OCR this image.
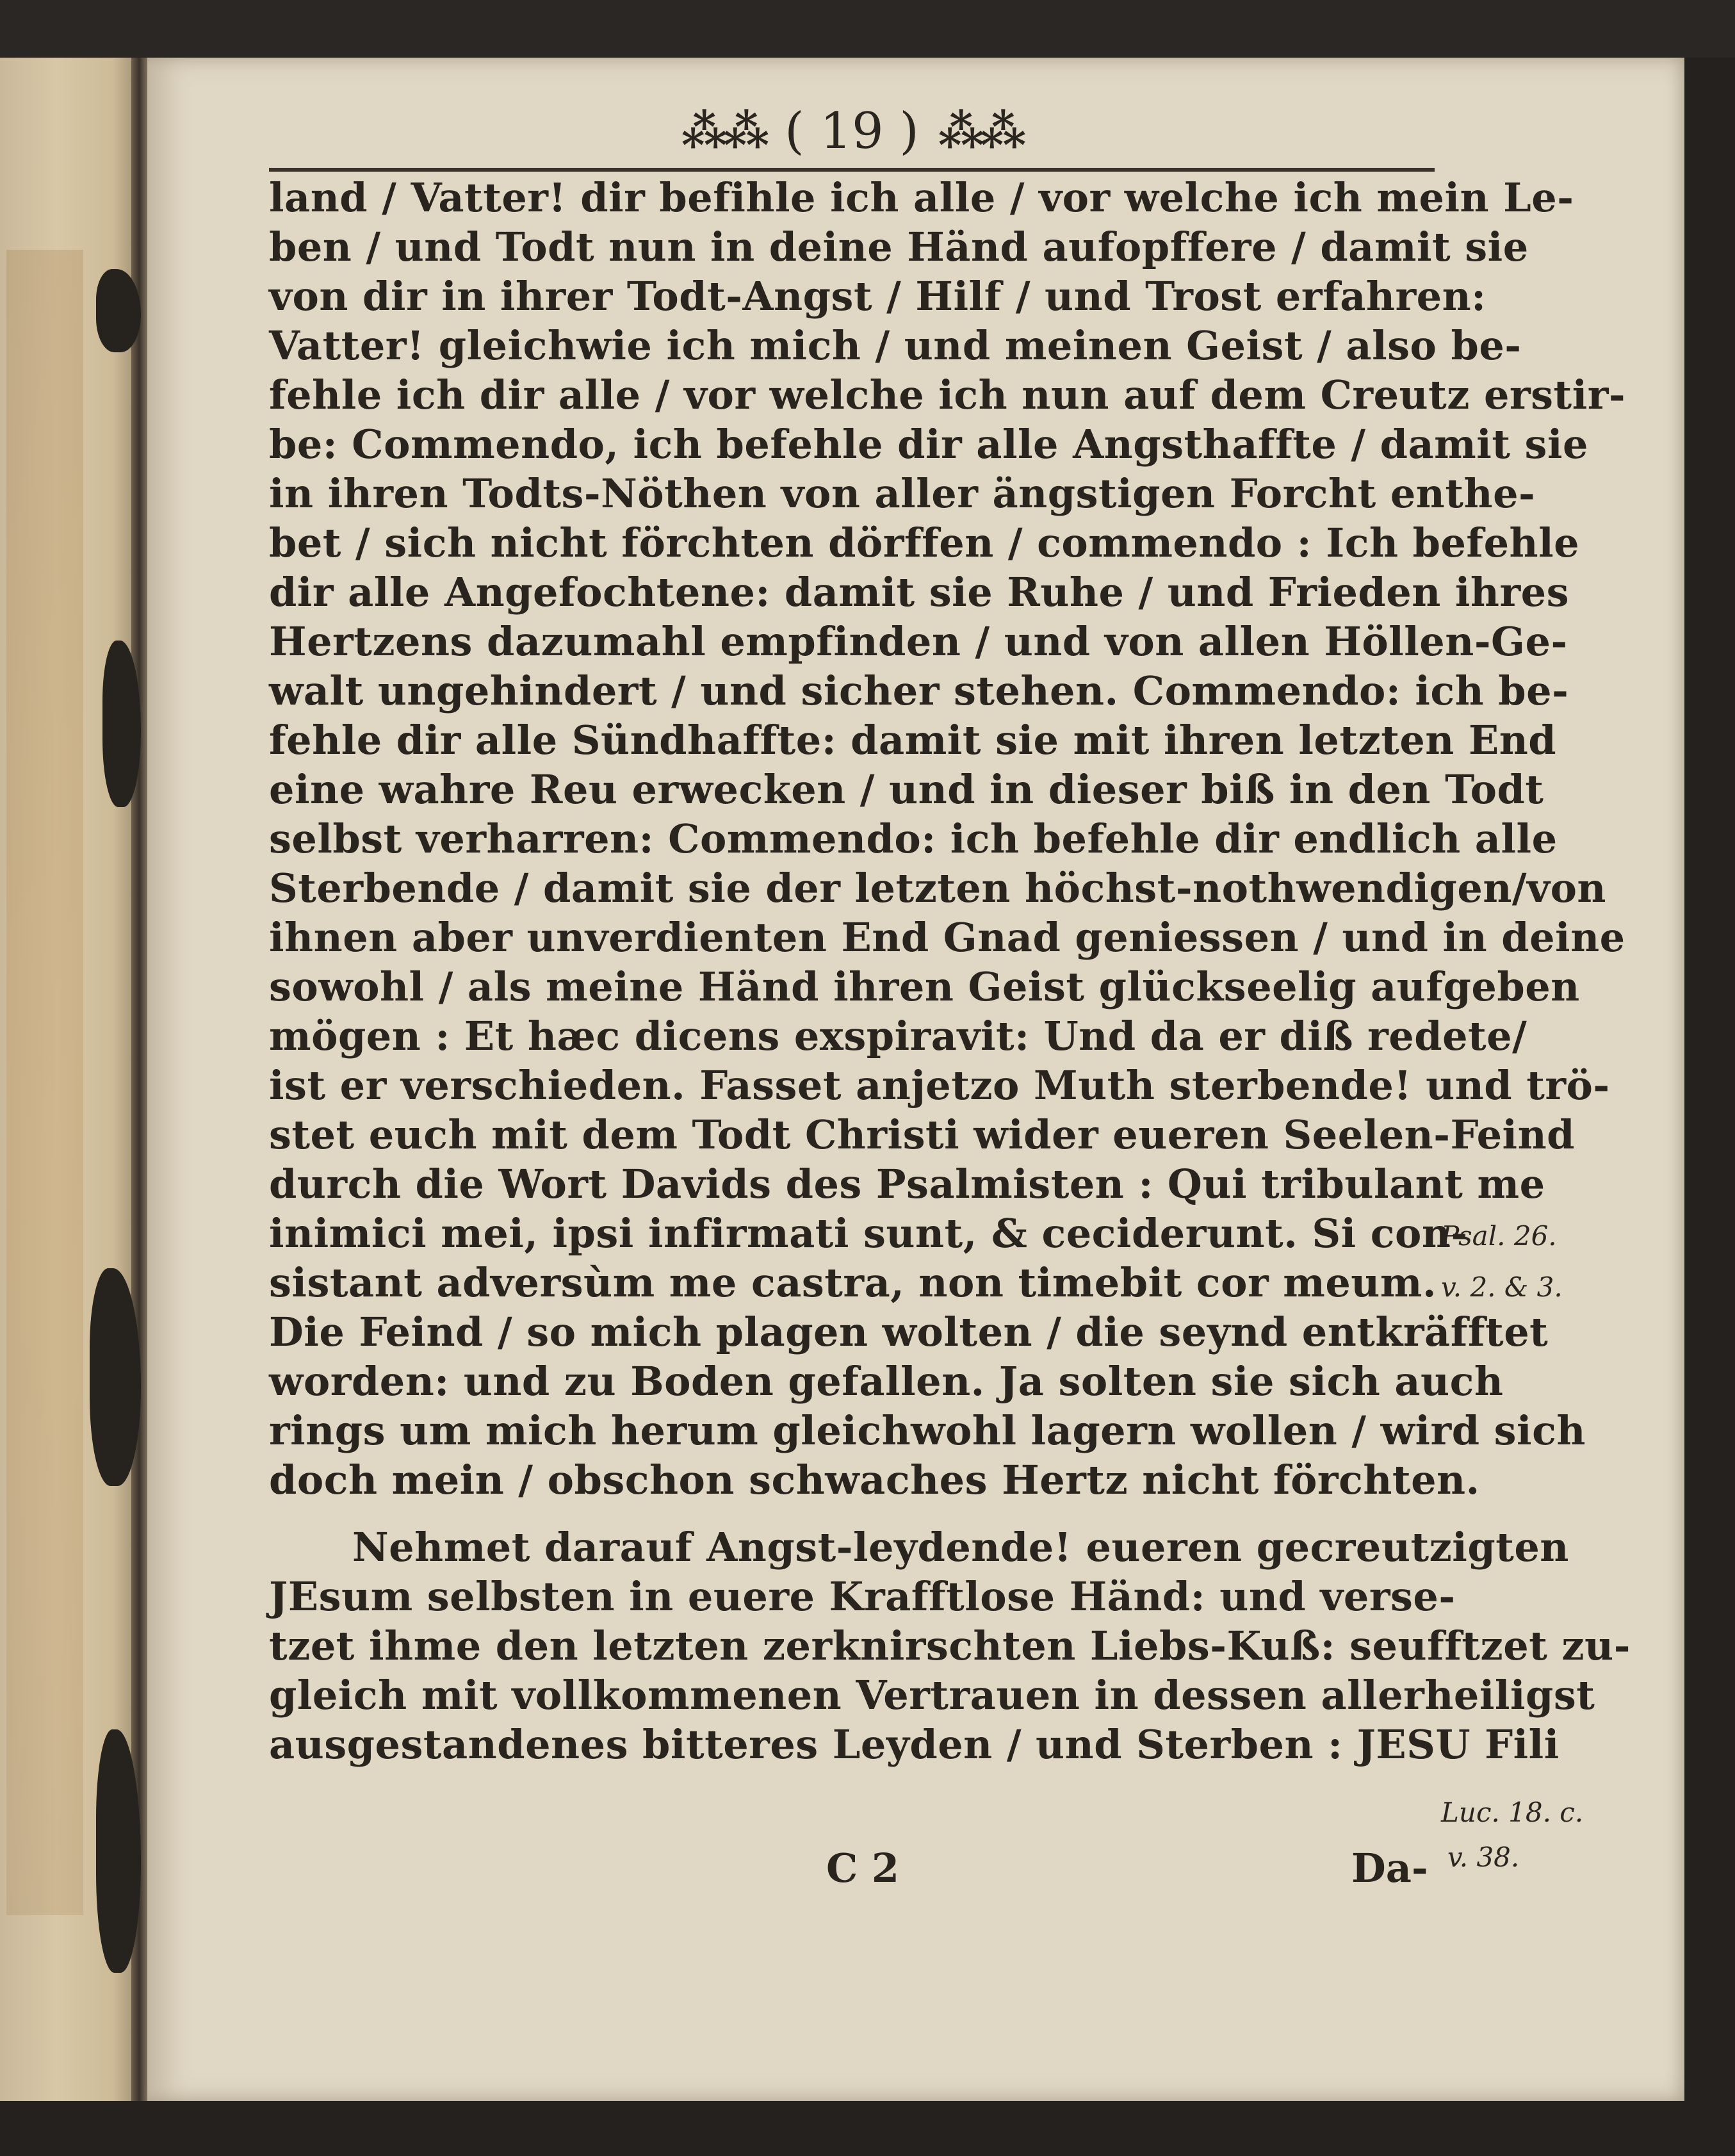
⁂⁂ ( 19 ) ⁂⁂
land / Vatter! dir befihle ich alle / vor welche ich mein Le-
ben / und Todt nun in deine Händ aufopffere / damit sie
von dir in ihrer Todt-Angst / Hilf / und Trost erfahren:
Vatter! gleichwie ich mich / und meinen Geist / also be-
fehle ich dir alle / vor welche ich nun auf dem Creutz erstir-
be: Commendo, ich befehle dir alle Angsthaffte / damit sie
in ihren Todts-Nöthen von aller ängstigen Forcht enthe-
bet / sich nicht förchten dörffen / commendo : Ich befehle
dir alle Angefochtene: damit sie Ruhe / und Frieden ihres
Hertzens dazumahl empfinden / und von allen Höllen-Ge-
walt ungehindert / und sicher stehen. Commendo: ich be-
fehle dir alle Sündhaffte: damit sie mit ihren letzten End
eine wahre Reu erwecken / und in dieser biß in den Todt
selbst verharren: Commendo: ich befehle dir endlich alle
Sterbende / damit sie der letzten höchst-nothwendigen/von
ihnen aber unverdienten End Gnad geniessen / und in deine
sowohl / als meine Händ ihren Geist glückseelig aufgeben
mögen : Et hæc dicens exspiravit: Und da er diß redete/
ist er verschieden. Fasset anjetzo Muth sterbende! und trö-
stet euch mit dem Todt Christi wider eueren Seelen-Feind
durch die Wort Davids des Psalmisten : Qui tribulant me
inimici mei, ipsi infirmati sunt, & ceciderunt. Si con-
sistant adversùm me castra, non timebit cor meum.
Die Feind / so mich plagen wolten / die seynd entkräfftet
worden: und zu Boden gefallen. Ja solten sie sich auch
rings um mich herum gleichwohl lagern wollen / wird sich
doch mein / obschon schwaches Hertz nicht förchten.
Nehmet darauf Angst-leydende! eueren gecreutzigten
JEsum selbsten in euere Krafftlose Händ: und verse-
tzet ihme den letzten zerknirschten Liebs-Kuß: seufftzet zu-
gleich mit vollkommenen Vertrauen in dessen allerheiligst
ausgestandenes bitteres Leyden / und Sterben : JESU Fili
C 2	Da-
Psal. 26.
v. 2. & 3.
Luc. 18. c.
v. 38.
